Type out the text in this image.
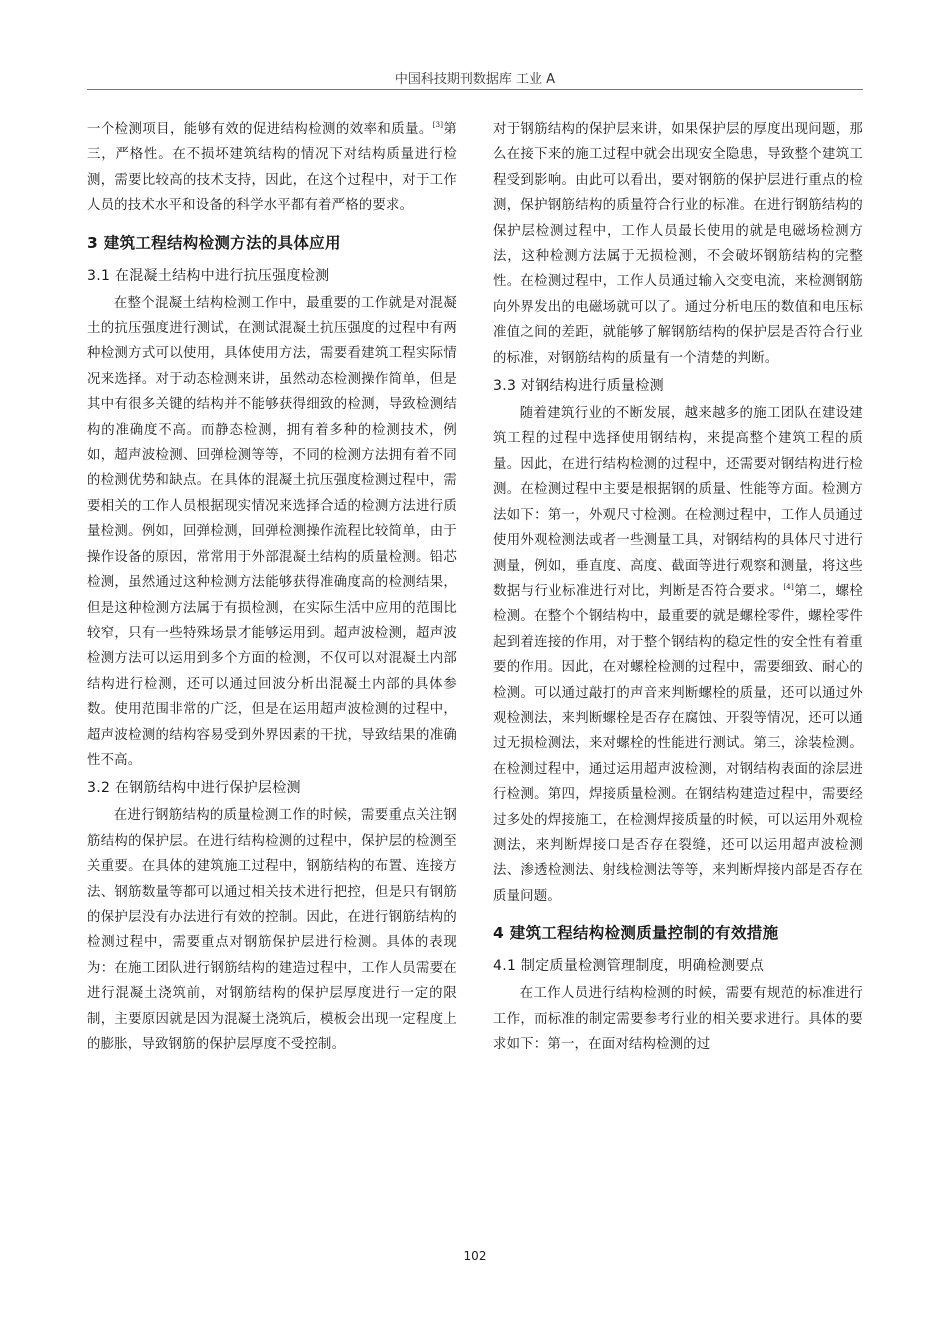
中国科技期刊数据库 工业 A

一个检测项目，能够有效的促进结构检测的效率和质量。[3]第三，严格性。在不损坏建筑结构的情况下对结构质量进行检测，需要比较高的技术支持，因此，在这个过程中，对于工作人员的技术水平和设备的科学水平都有着严格的要求。

3 建筑工程结构检测方法的具体应用
3.1 在混凝土结构中进行抗压强度检测

在整个混凝土结构检测工作中，最重要的工作就是对混凝土的抗压强度进行测试，在测试混凝土抗压强度的过程中有两种检测方式可以使用，具体使用方法，需要看建筑工程实际情况来选择。对于动态检测来讲，虽然动态检测操作简单，但是其中有很多关键的结构并不能够获得细致的检测，导致检测结构的准确度不高。而静态检测，拥有着多种的检测技术，例如，超声波检测、回弹检测等等，不同的检测方法拥有着不同的检测优势和缺点。在具体的混凝土抗压强度检测过程中，需要相关的工作人员根据现实情况来选择合适的检测方法进行质量检测。例如，回弹检测，回弹检测操作流程比较简单，由于操作设备的原因，常常用于外部混凝土结构的质量检测。铅芯检测，虽然通过这种检测方法能够获得准确度高的检测结果，但是这种检测方法属于有损检测，在实际生活中应用的范围比较窄，只有一些特殊场景才能够运用到。超声波检测，超声波检测方法可以运用到多个方面的检测，不仅可以对混凝土内部结构进行检测，还可以通过回波分析出混凝土内部的具体参数。使用范围非常的广泛，但是在运用超声波检测的过程中，超声波检测的结构容易受到外界因素的干扰，导致结果的准确性不高。

3.2 在钢筋结构中进行保护层检测

在进行钢筋结构的质量检测工作的时候，需要重点关注钢筋结构的保护层。在进行结构检测的过程中，保护层的检测至关重要。在具体的建筑施工过程中，钢筋结构的布置、连接方法、钢筋数量等都可以通过相关技术进行把控，但是只有钢筋的保护层没有办法进行有效的控制。因此，在进行钢筋结构的检测过程中，需要重点对钢筋保护层进行检测。具体的表现为：在施工团队进行钢筋结构的建造过程中，工作人员需要在进行混凝土浇筑前，对钢筋结构的保护层厚度进行一定的限制，主要原因就是因为混凝土浇筑后，模板会出现一定程度上的膨胀，导致钢筋的保护层厚度不受控制。

对于钢筋结构的保护层来讲，如果保护层的厚度出现问题，那么在接下来的施工过程中就会出现安全隐患，导致整个建筑工程受到影响。由此可以看出，要对钢筋的保护层进行重点的检测，保护钢筋结构的质量符合行业的标准。在进行钢筋结构的保护层检测过程中，工作人员最长使用的就是电磁场检测方法，这种检测方法属于无损检测，不会破坏钢筋结构的完整性。在检测过程中，工作人员通过输入交变电流，来检测钢筋向外界发出的电磁场就可以了。通过分析电压的数值和电压标准值之间的差距，就能够了解钢筋结构的保护层是否符合行业的标准，对钢筋结构的质量有一个清楚的判断。

3.3 对钢结构进行质量检测

随着建筑行业的不断发展，越来越多的施工团队在建设建筑工程的过程中选择使用钢结构，来提高整个建筑工程的质量。因此，在进行结构检测的过程中，还需要对钢结构进行检测。在检测过程中主要是根据钢的质量、性能等方面。检测方法如下：第一，外观尺寸检测。在检测过程中，工作人员通过使用外观检测法或者一些测量工具，对钢结构的具体尺寸进行测量，例如，垂直度、高度、截面等进行观察和测量，将这些数据与行业标准进行对比，判断是否符合要求。[4]第二，螺栓检测。在整个个钢结构中，最重要的就是螺栓零件，螺栓零件起到着连接的作用，对于整个钢结构的稳定性的安全性有着重要的作用。因此，在对螺栓检测的过程中，需要细致、耐心的检测。可以通过敲打的声音来判断螺栓的质量，还可以通过外观检测法，来判断螺栓是否存在腐蚀、开裂等情况，还可以通过无损检测法，来对螺栓的性能进行测试。第三，涂装检测。在检测过程中，通过运用超声波检测，对钢结构表面的涂层进行检测。第四，焊接质量检测。在钢结构建造过程中，需要经过多处的焊接施工，在检测焊接质量的时候，可以运用外观检测法，来判断焊接口是否存在裂缝，还可以运用超声波检测法、渗透检测法、射线检测法等等，来判断焊接内部是否存在质量问题。

4 建筑工程结构检测质量控制的有效措施
4.1 制定质量检测管理制度，明确检测要点

在工作人员进行结构检测的时候，需要有规范的标准进行工作，而标准的制定需要参考行业的相关要求进行。具体的要求如下：第一，在面对结构检测的过

102
